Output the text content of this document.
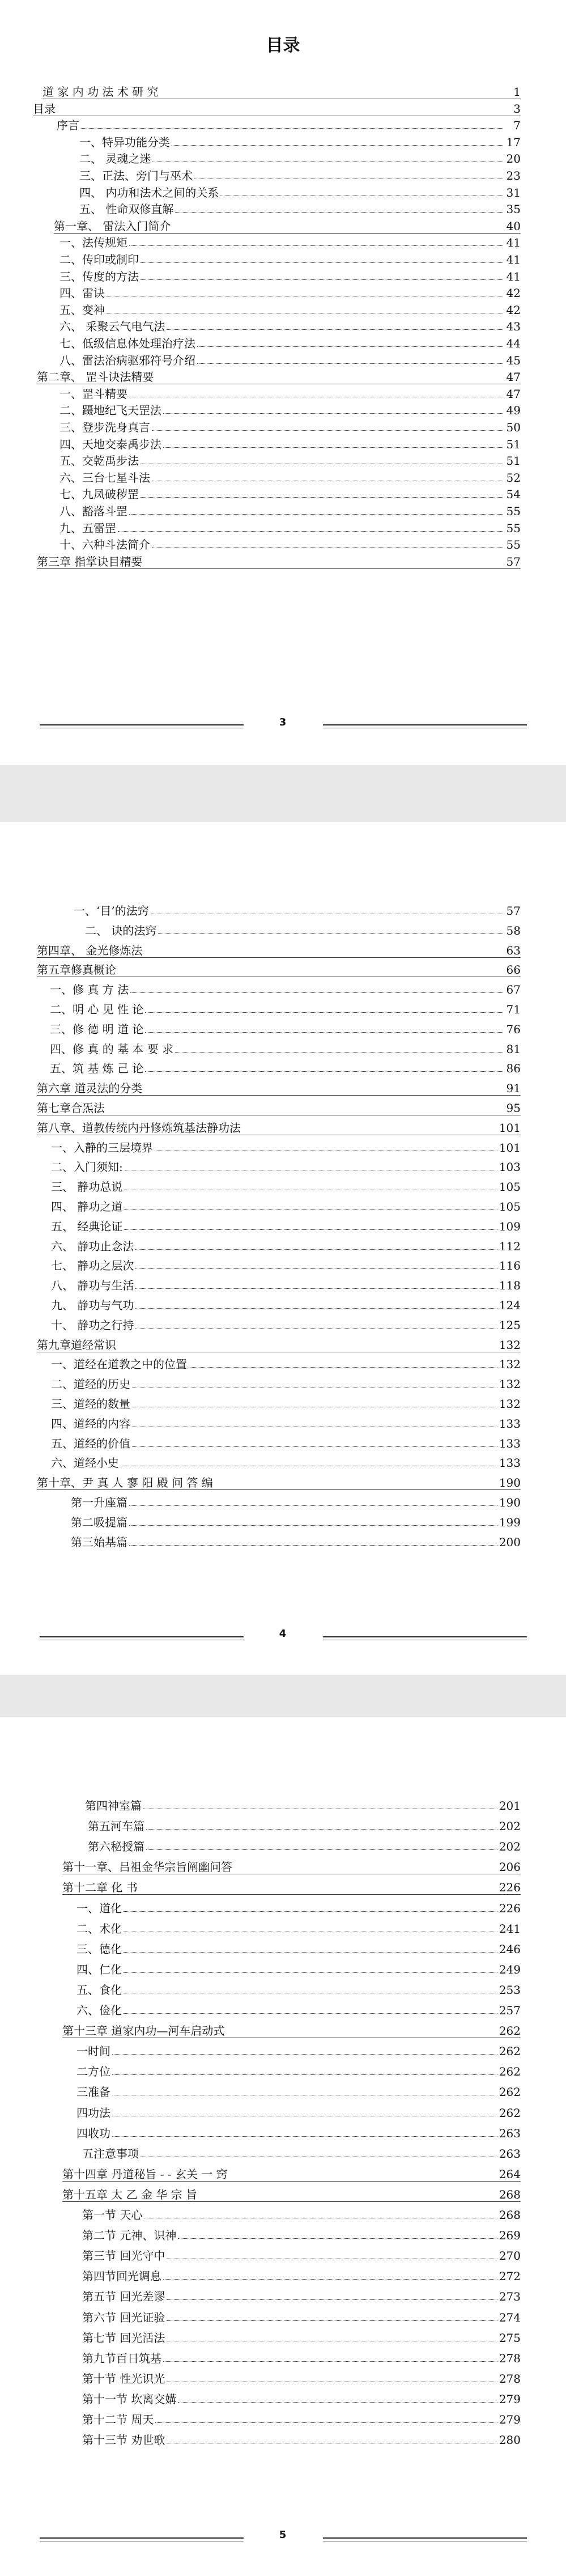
目录
道 家 内 功 法 术 研 究	1
目录	3
序言	7
一、特异功能分类	17
二、 灵魂之迷	20
三、正法、旁门与巫术	23
四、 内功和法术之间的关系	31
五、 性命双修直解	35
第一章、 雷法入门简介	40
一、法传规矩	41
二、传印或制印	41
三、传度的方法	41
四、雷诀	42
五、变神	42
六、 采聚云气电气法	43
七、低级信息体处理治疗法	44
八、雷法治病驱邪符号介绍	45
第二章、 罡斗诀法精要	47
一、罡斗精要	47
二、蹑地纪飞天罡法	49
三、登步洗身真言	50
四、天地交泰禹步法	51
五、交乾禹步法	51
六、三台七星斗法	52
七、九凤破秽罡	54
八、豁落斗罡	55
九、五雷罡	55
十、六种斗法简介	55
第三章 指掌诀目精要	57
3
一、‘目’的法窍	57
二、 诀的法窍	58
第四章、 金光修炼法	63
第五章修真概论	66
一、修 真 方 法	67
二、明 心 见 性 论	71
三、修 德 明 道 论	76
四、修 真 的 基 本 要 求	81
五、筑 基 炼 己 论	86
第六章 道灵法的分类	91
第七章合炁法	95
第八章、道教传统内丹修炼筑基法静功法	101
一、入静的三层境界	101
二、入门须知:	103
三、 静功总说	105
四、 静功之道	105
五、 经典论证	109
六、 静功止念法	112
七、 静功之层次	116
八、 静功与生活	118
九、 静功与气功	124
十、 静功之行持	125
第九章道经常识	132
一、道经在道教之中的位置	132
二、道经的历史	132
三、道经的数量	132
四、道经的内容	133
五、道经的价值	133
六、道经小史	133
第十章、尹 真 人 寥 阳 殿 问 答 编	190
第一升座篇	190
第二吸提篇	199
第三始基篇	200
4
第四神室篇	201
第五河车篇	202
第六秘授篇	202
第十一章、吕祖金华宗旨阐幽问答	206
第十二章 化 书	226
一、道化	226
二、术化	241
三、德化	246
四、仁化	249
五、食化	253
六、俭化	257
第十三章 道家内功—河车启动式	262
一时间	262
二方位	262
三准备	262
四功法	262
四收功	263
五注意事项	263
第十四章 丹道秘旨 - - 玄关 一 窍	264
第十五章 太 乙 金 华 宗 旨	268
第一节 天心	268
第二节 元神、识神	269
第三节 回光守中	270
第四节回光调息	272
第五节 回光差谬	273
第六节 回光证验	274
第七节 回光活法	275
第九节百日筑基	278
第十节 性光识光	278
第十一节 坎离交媾	279
第十二节 周天	279
第十三节 劝世歌	280
5
